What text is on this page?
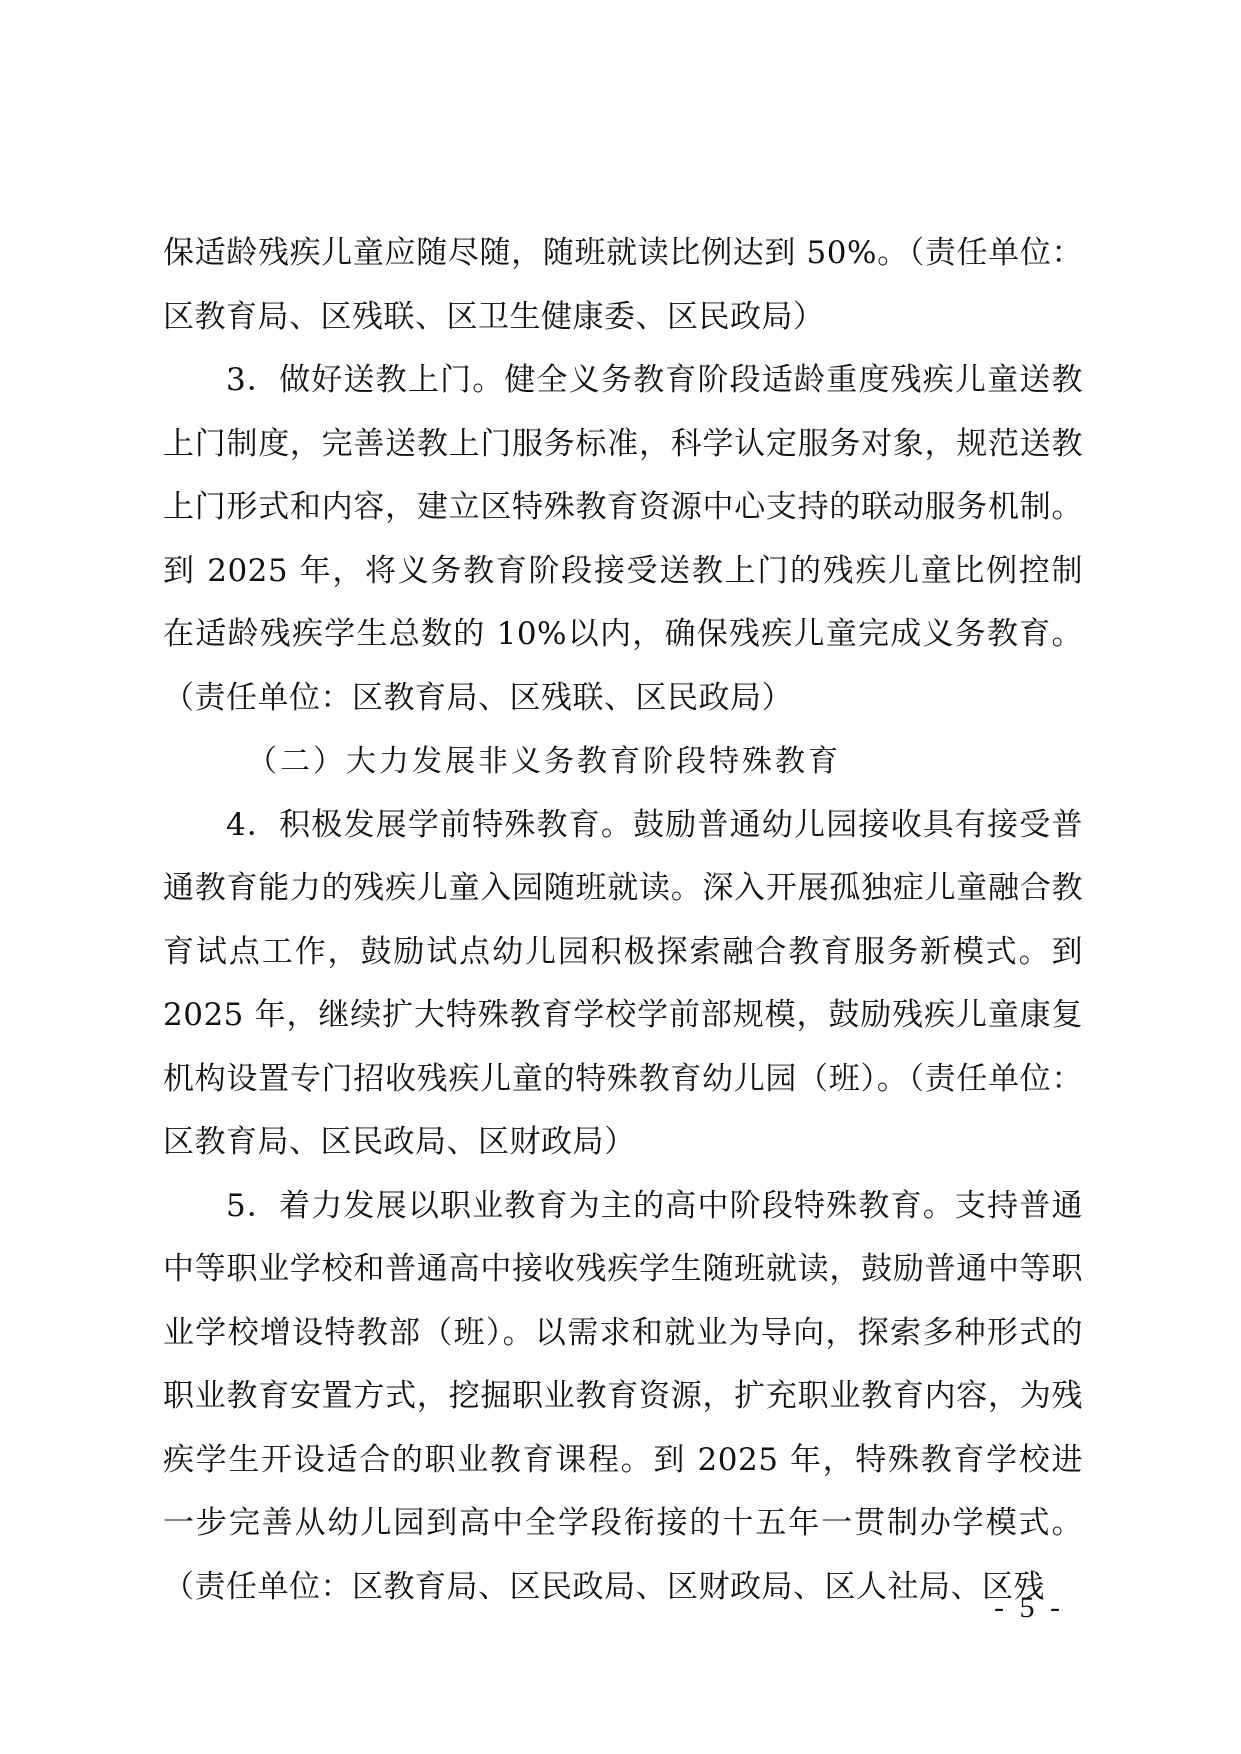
保适龄残疾儿童应随尽随，随班就读比例达到 50%。（责任单位：区教育局、区残联、区卫生健康委、区民政局）

3．做好送教上门。健全义务教育阶段适龄重度残疾儿童送教上门制度，完善送教上门服务标准，科学认定服务对象，规范送教上门形式和内容，建立区特殊教育资源中心支持的联动服务机制。到 2025 年，将义务教育阶段接受送教上门的残疾儿童比例控制在适龄残疾学生总数的 10%以内，确保残疾儿童完成义务教育。（责任单位：区教育局、区残联、区民政局）

（二）大力发展非义务教育阶段特殊教育

4．积极发展学前特殊教育。鼓励普通幼儿园接收具有接受普通教育能力的残疾儿童入园随班就读。深入开展孤独症儿童融合教育试点工作，鼓励试点幼儿园积极探索融合教育服务新模式。到 2025 年，继续扩大特殊教育学校学前部规模，鼓励残疾儿童康复机构设置专门招收残疾儿童的特殊教育幼儿园（班）。（责任单位：区教育局、区民政局、区财政局）

5．着力发展以职业教育为主的高中阶段特殊教育。支持普通中等职业学校和普通高中接收残疾学生随班就读，鼓励普通中等职业学校增设特教部（班）。以需求和就业为导向，探索多种形式的职业教育安置方式，挖掘职业教育资源，扩充职业教育内容，为残疾学生开设适合的职业教育课程。到 2025 年，特殊教育学校进一步完善从幼儿园到高中全学段衔接的十五年一贯制办学模式。（责任单位：区教育局、区民政局、区财政局、区人社局、区残

- 5 -
